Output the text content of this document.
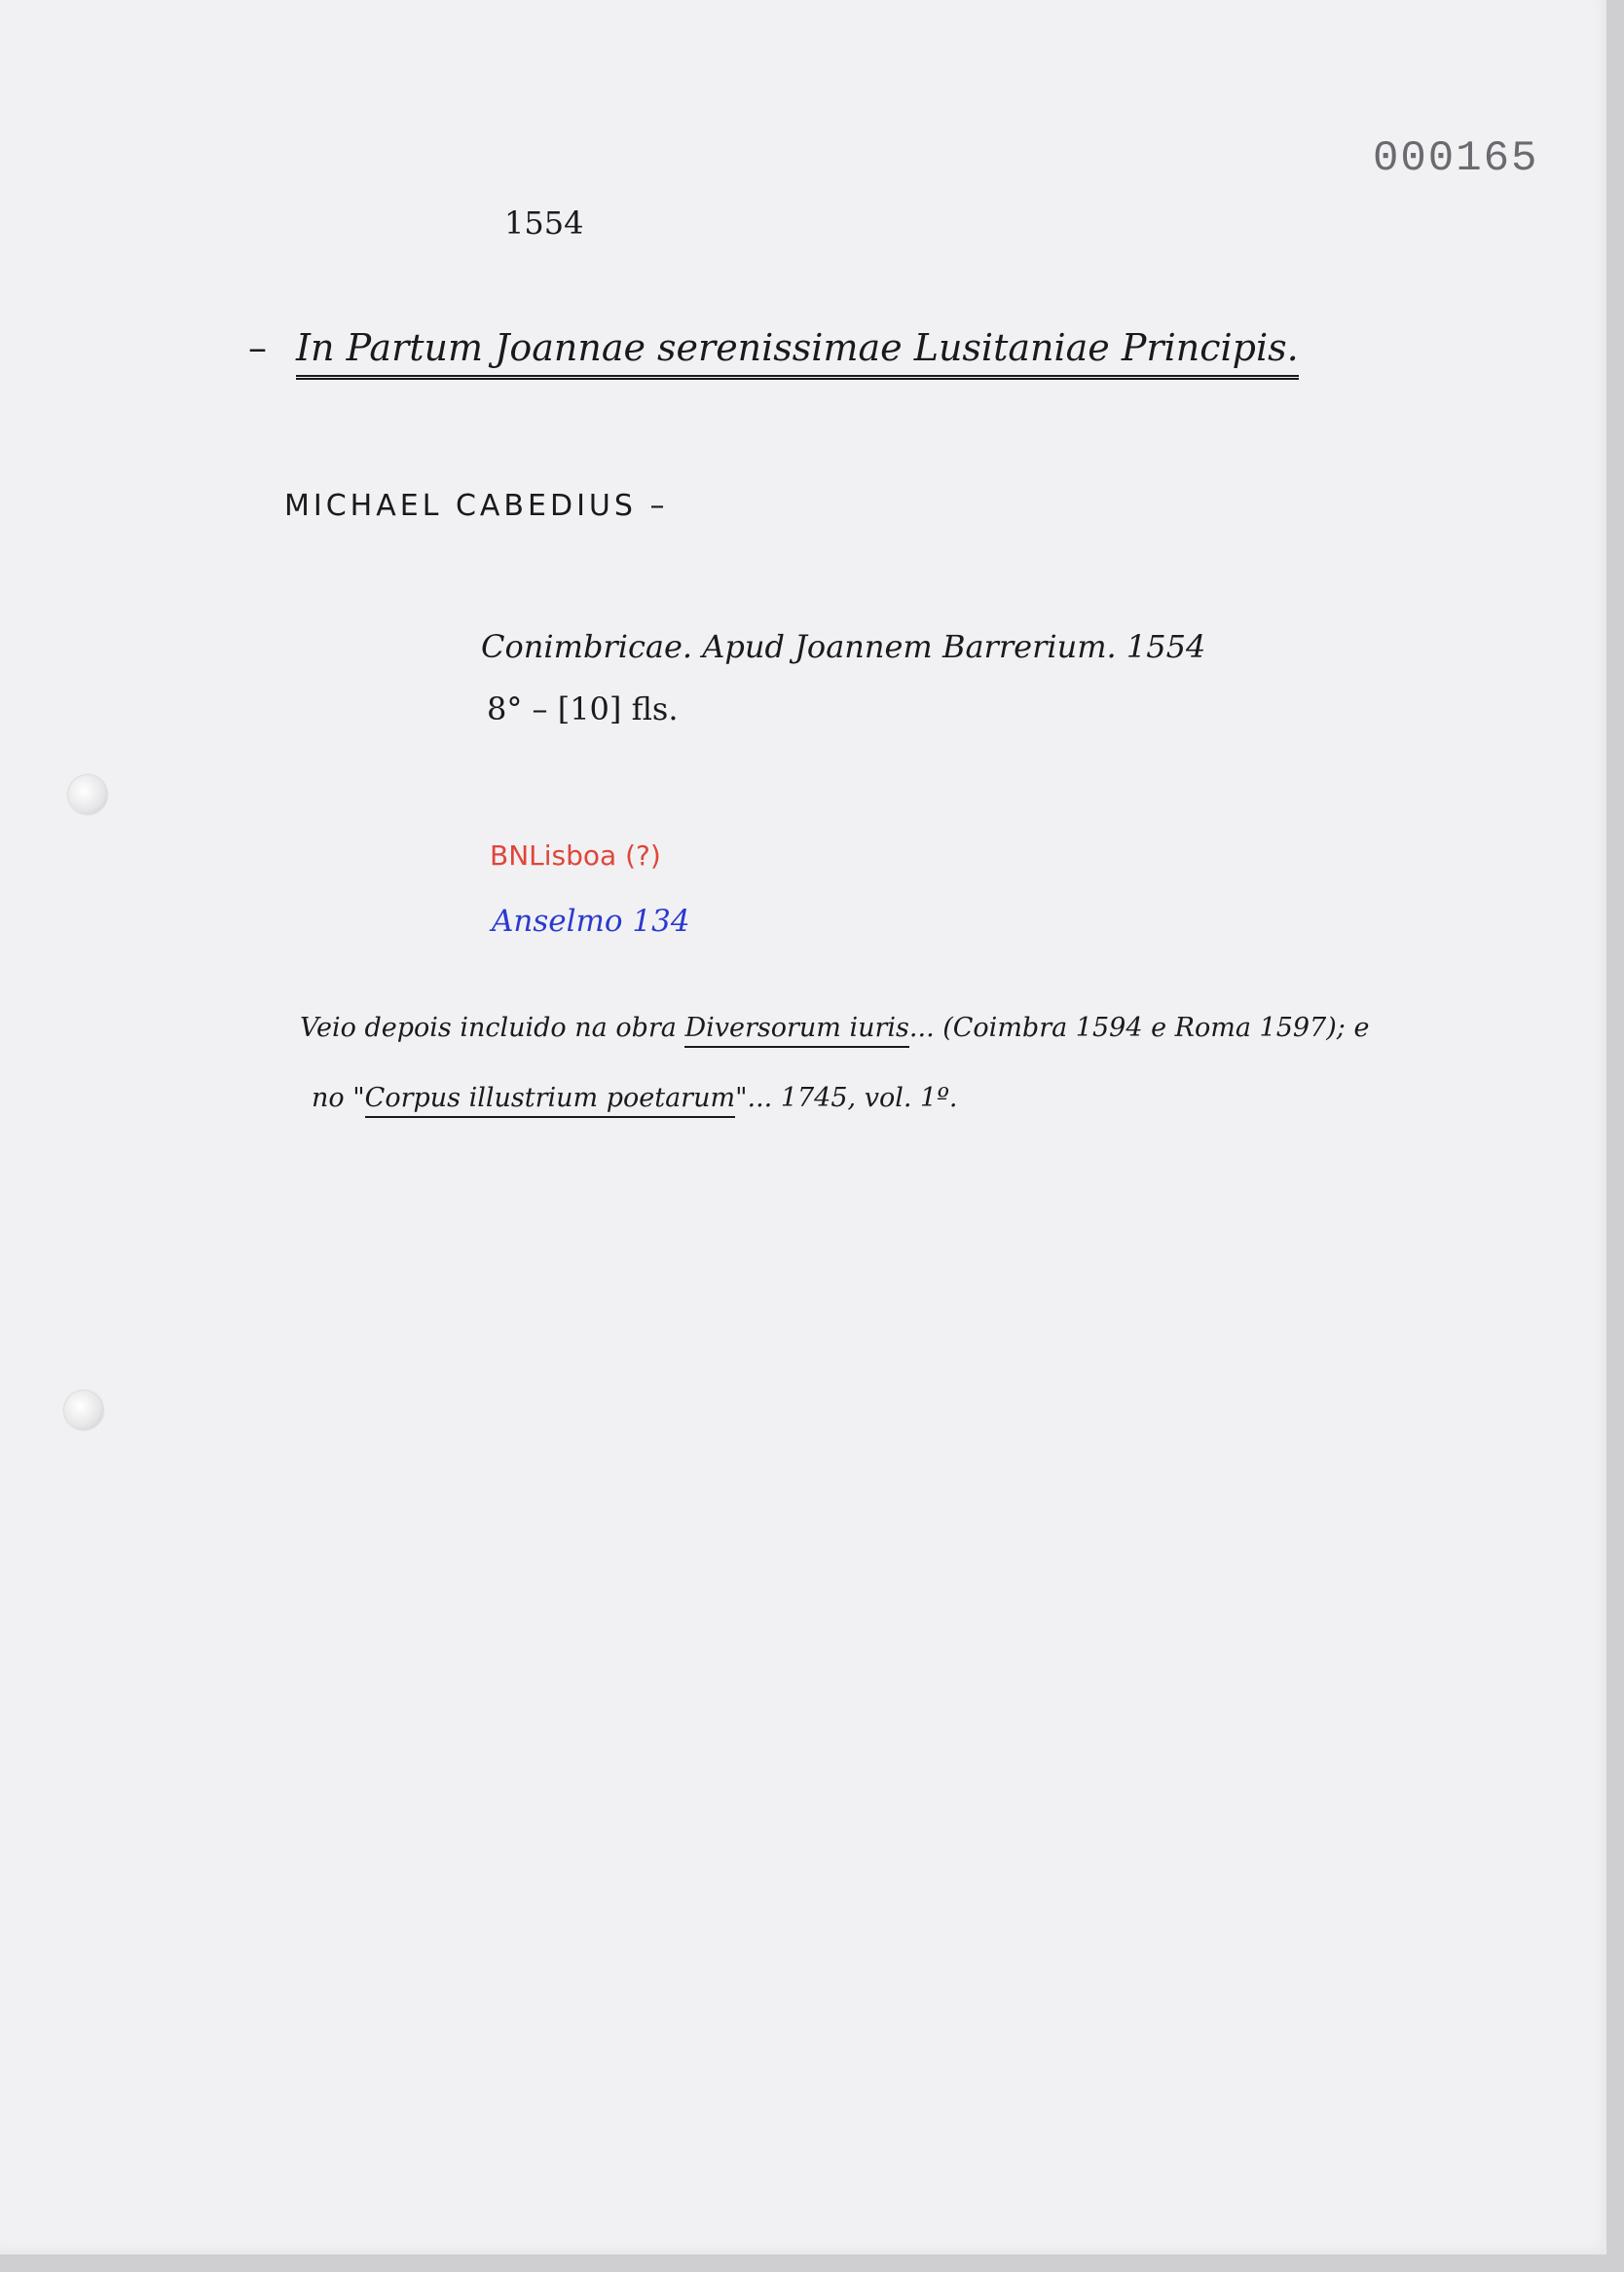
000165
1554
– In Partum Joannae serenissimae Lusitaniae Principis.
MICHAEL CABEDIUS –
Conimbricae. Apud Joannem Barrerium. 1554
8° – [10] fls.
BNLisboa (?)
Anselmo 134
Veio depois incluido na obra Diversorum iuris... (Coimbra 1594 e Roma 1597); e
no "Corpus illustrium poetarum"... 1745, vol. 1º.
